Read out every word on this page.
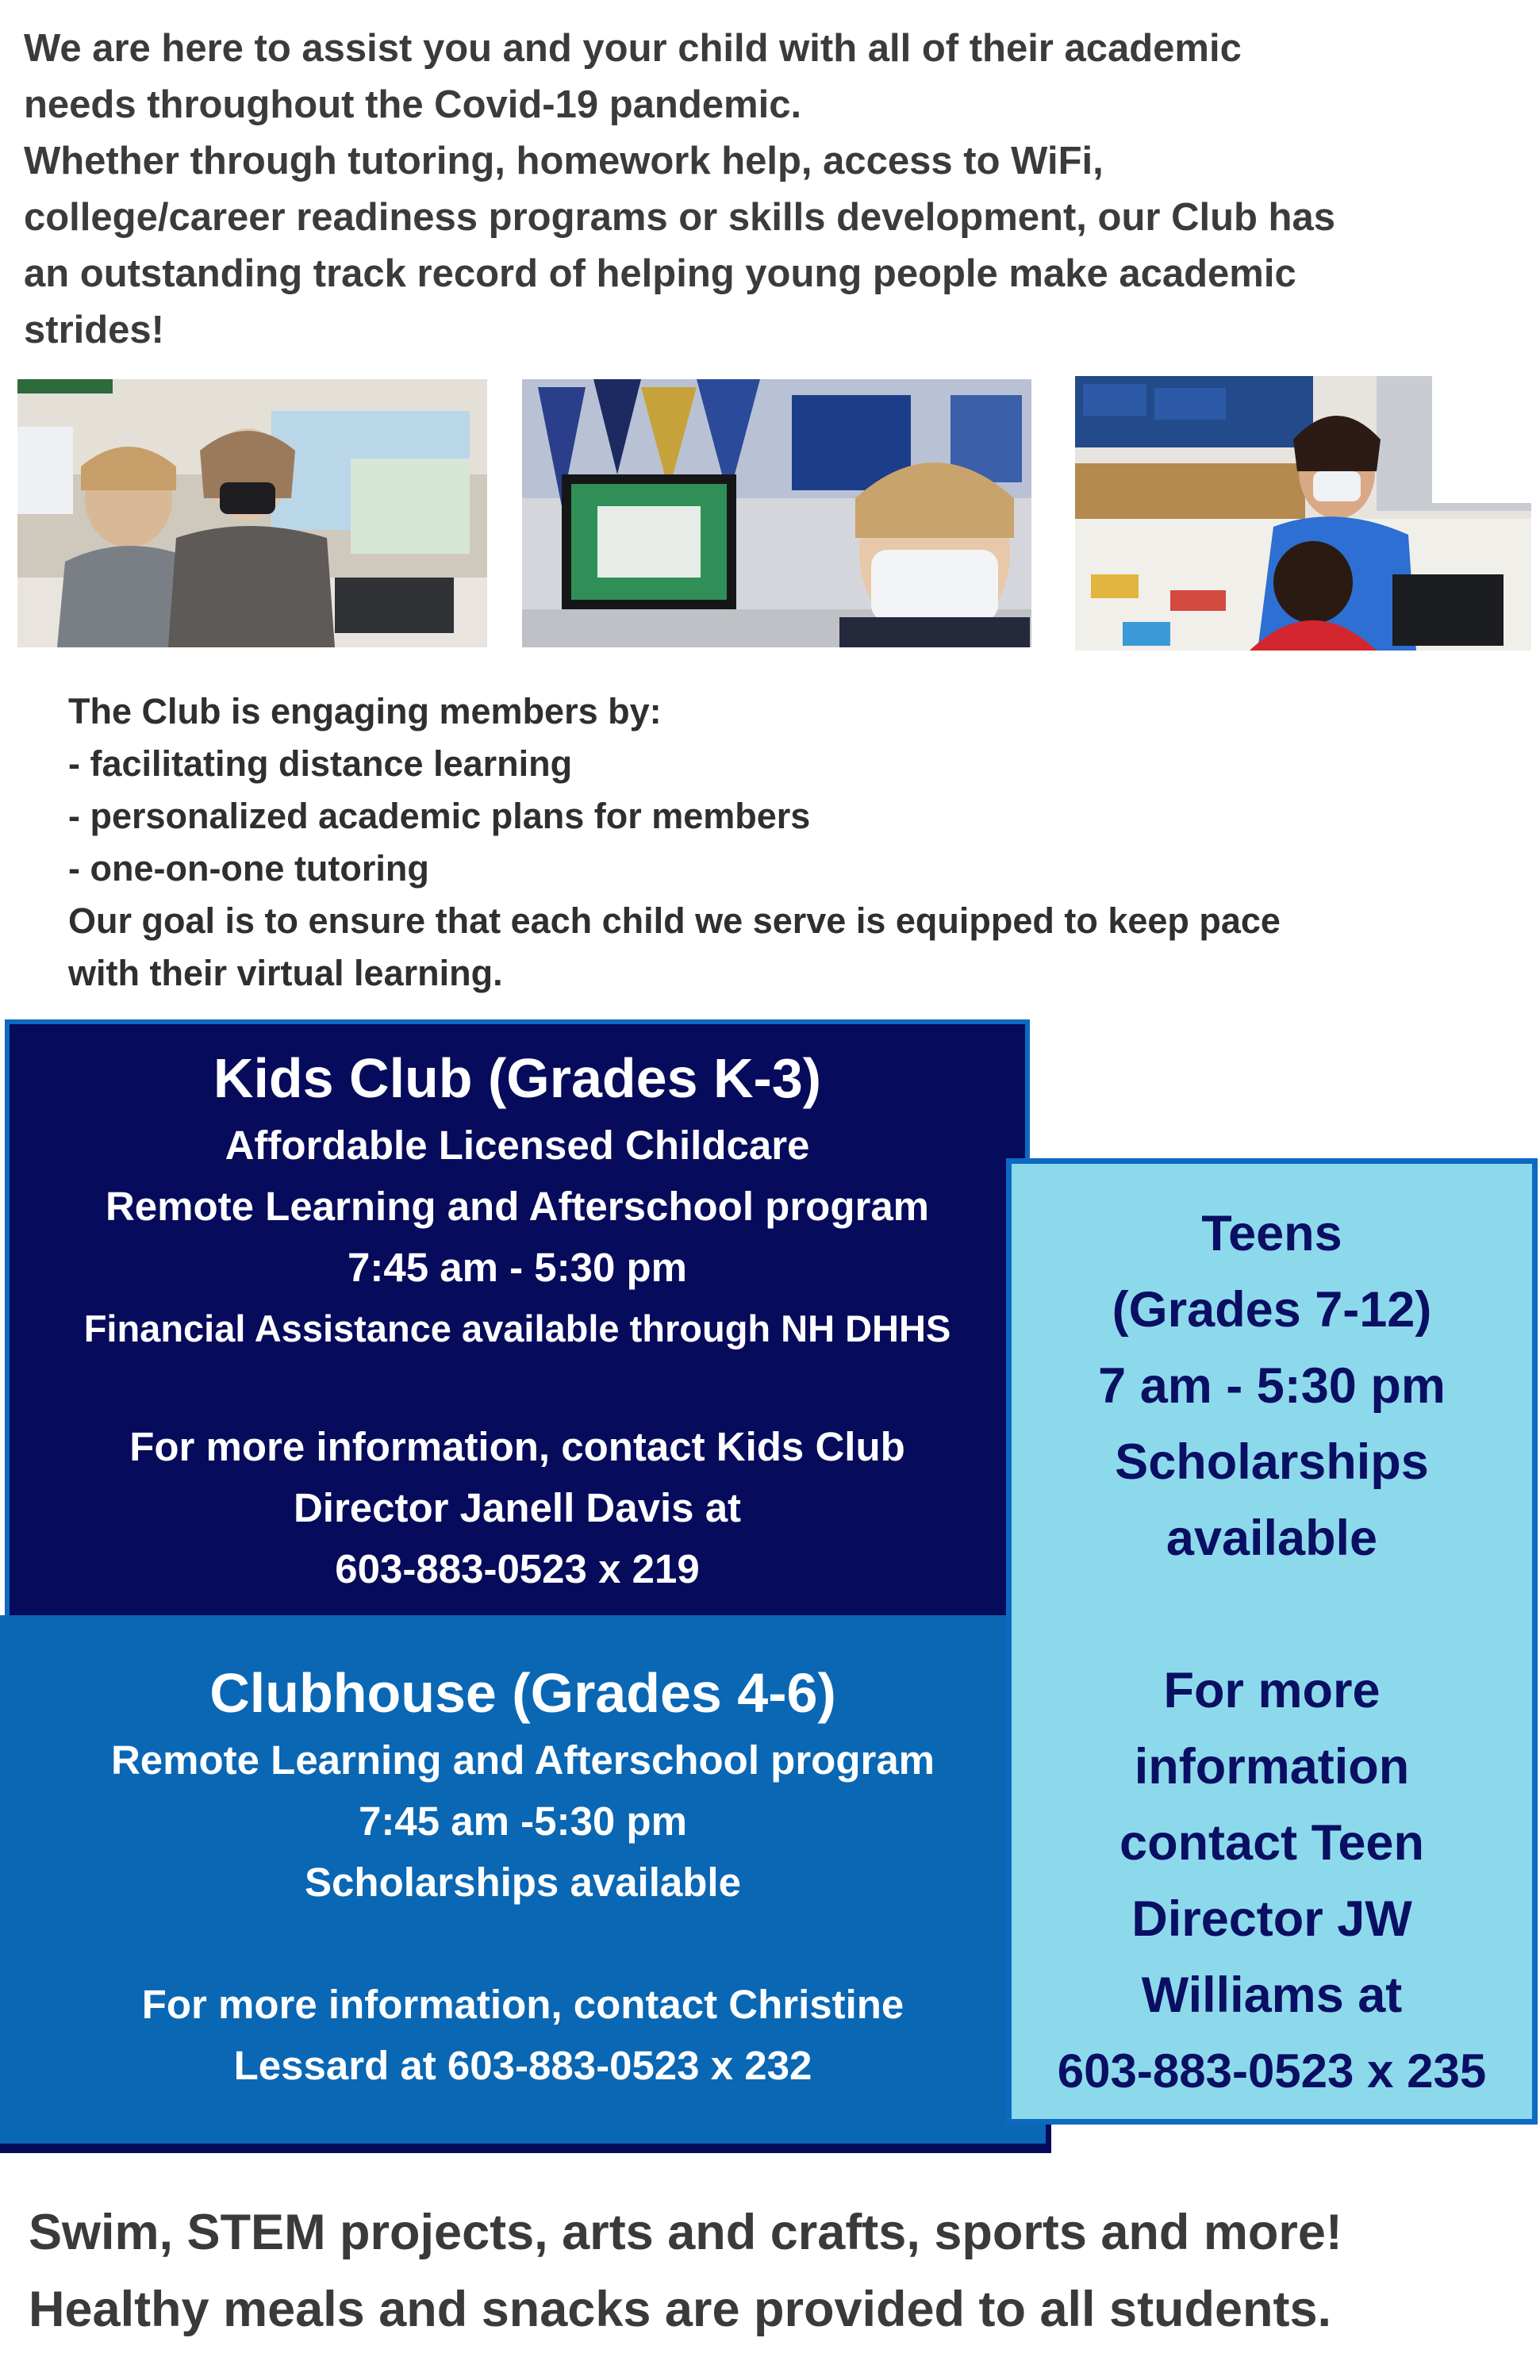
We are here to assist you and your child with all of their academic

needs throughout the Covid-19 pandemic.

Whether through tutoring, homework help, access to WiFi,

college/career readiness programs or skills development, our Club has

an outstanding track record of helping young people make academic

strides!

The Club is engaging members by:

- facilitating distance learning

- personalized academic plans for members

- one-on-one tutoring

Our goal is to ensure that each child we serve is equipped to keep pace

with their virtual learning.

Kids Club (Grades K-3)
Affordable Licensed Childcare
Remote Learning and Afterschool program
7:45 am - 5:30 pm
Financial Assistance available through NH DHHS
For more information, contact Kids Club
Director Janell Davis at
603-883-0523 x 219
Clubhouse (Grades 4-6)
Remote Learning and Afterschool program
7:45 am -5:30 pm
Scholarships available
For more information, contact Christine
Lessard at 603-883-0523 x 232
Teens
(Grades 7-12)
7 am - 5:30 pm
Scholarships
available
For more
information
contact Teen
Director JW
Williams at
603-883-0523 x 235

Swim, STEM projects, arts and crafts, sports and more!

Healthy meals and snacks are provided to all students.
